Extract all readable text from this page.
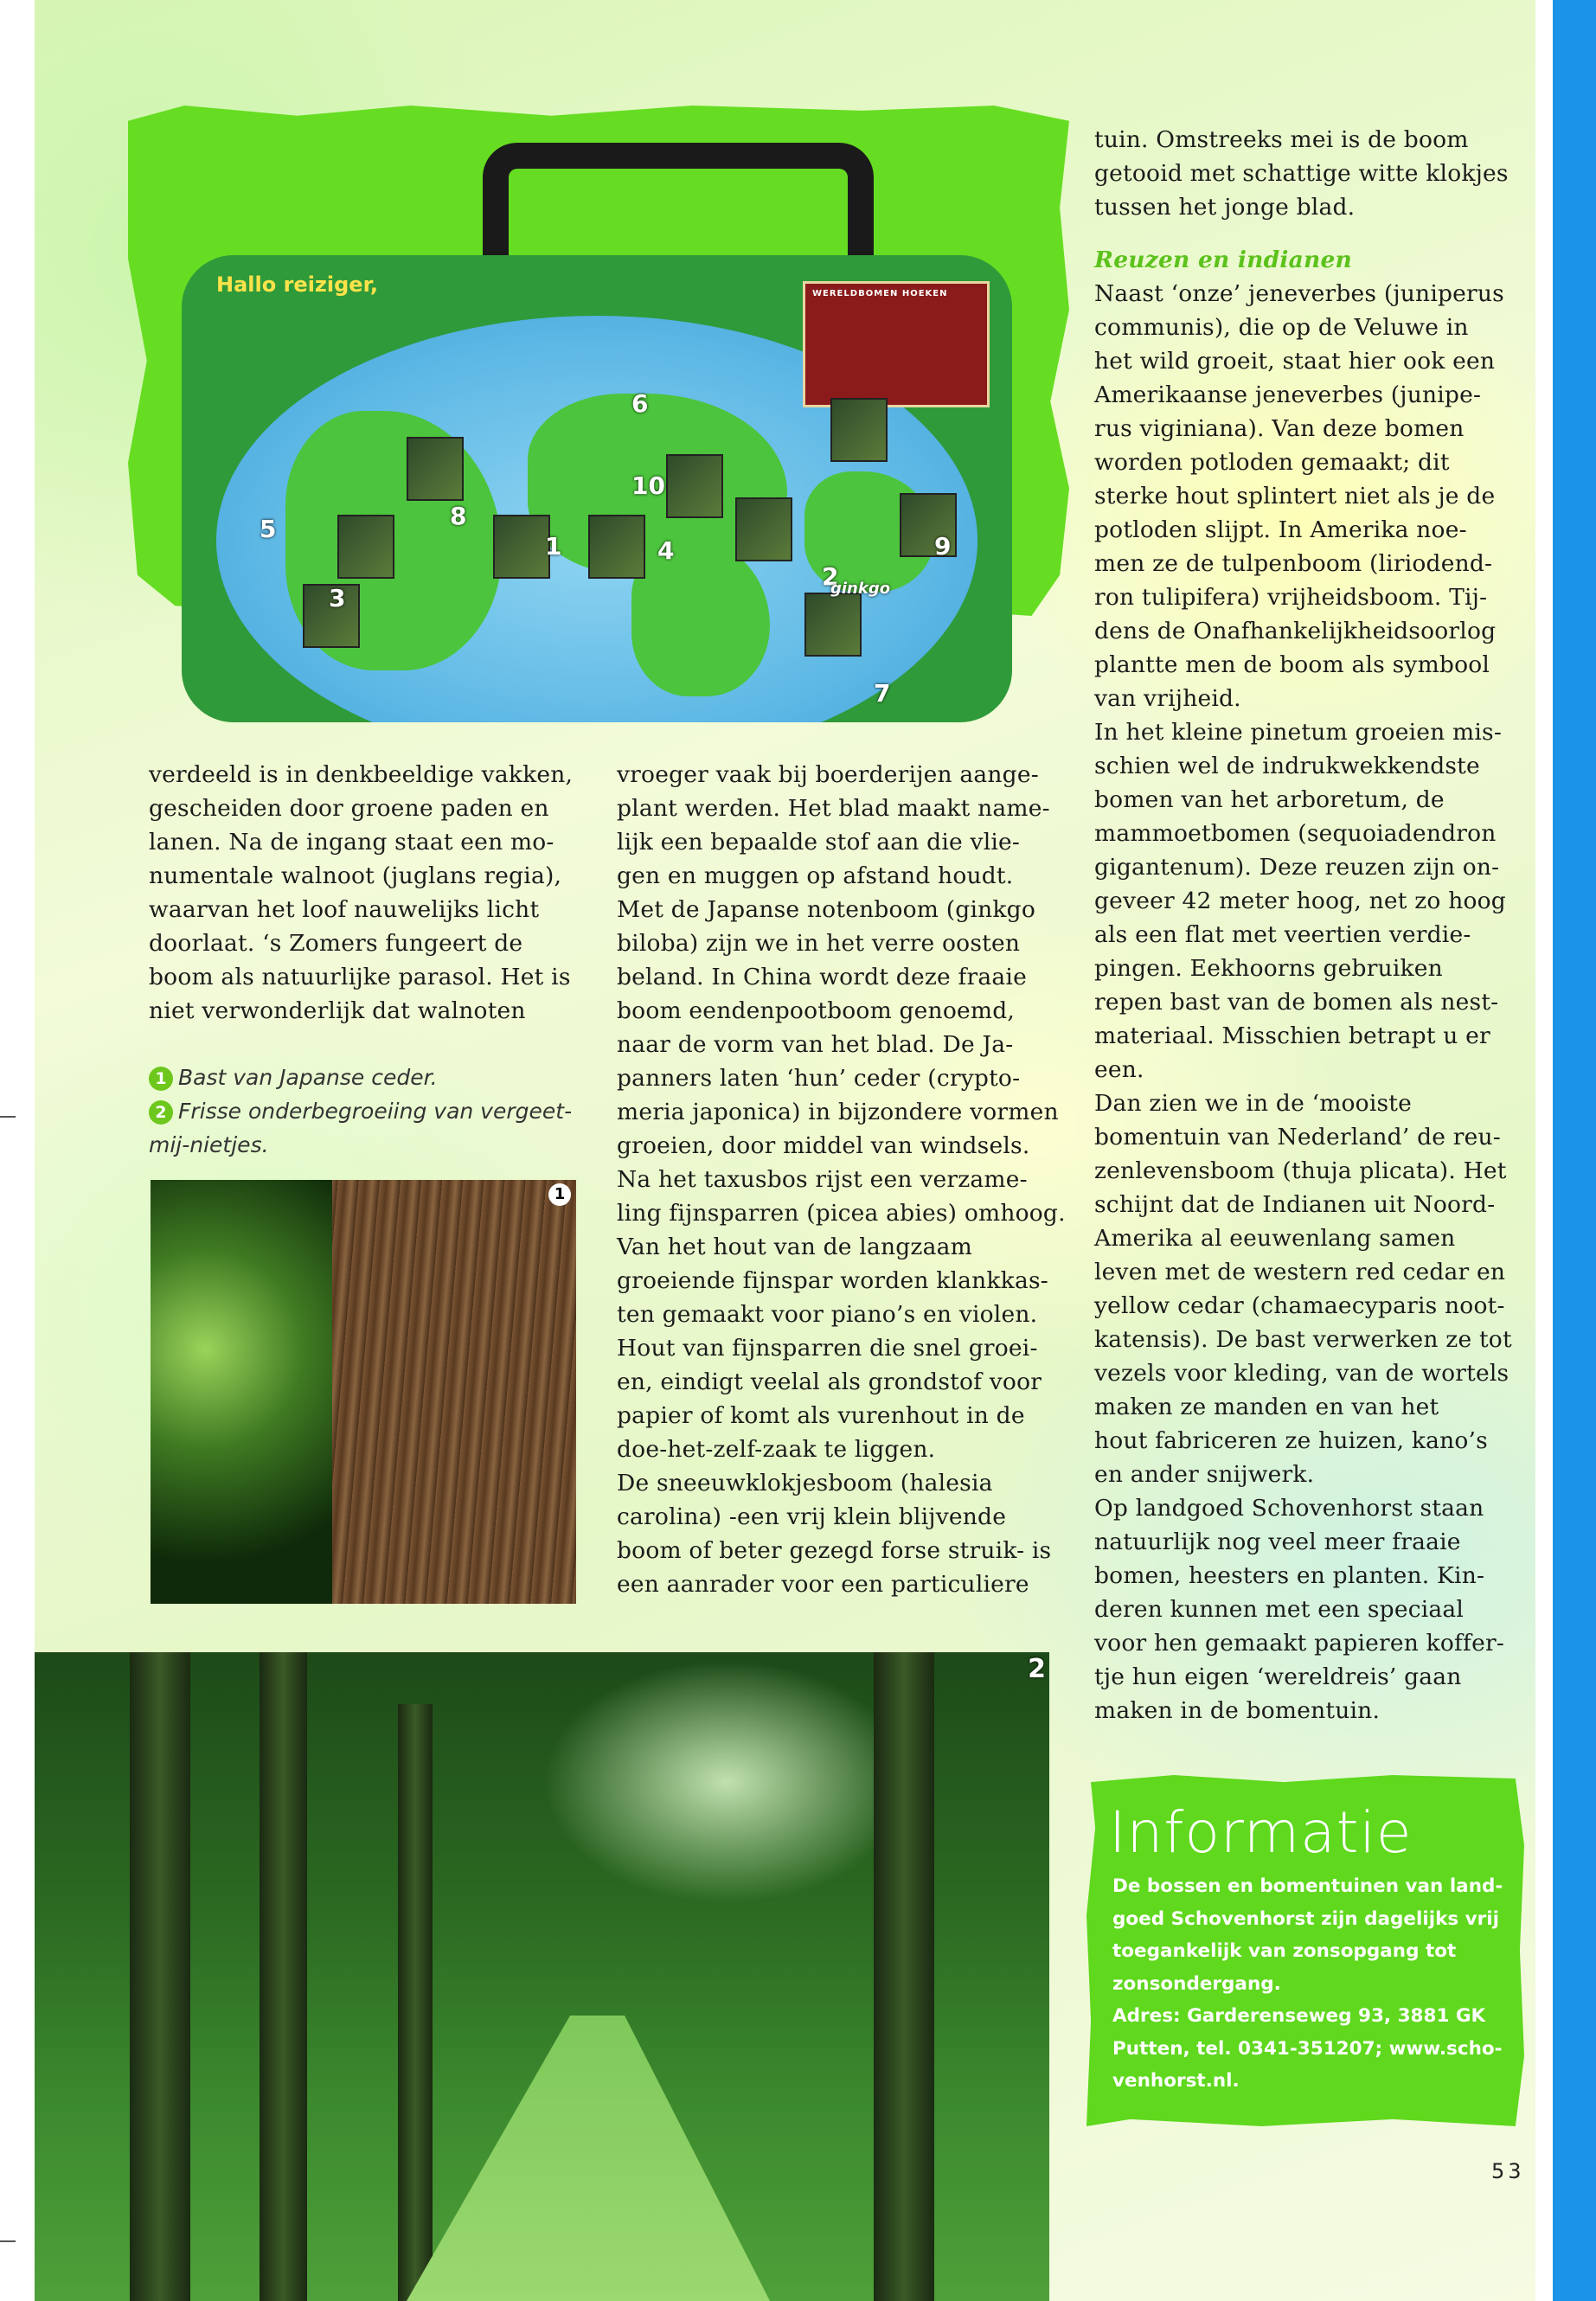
Hallo reiziger,	WERELDBOMEN HOEKEN
5
3
8
1
10
4
6
2
9
7
ginkgo

verdeeld is in denkbeeldige vakken,

gescheiden door groene paden en

lanen. Na de ingang staat een mo-

numentale walnoot (juglans regia),

waarvan het loof nauwelijks licht

doorlaat. ‘s Zomers fungeert de

boom als natuurlijke parasol. Het is

niet verwonderlijk dat walnoten

1 Bast van Japanse ceder.
2 Frisse onderbegroeiing van vergeet-
mij-nietjes.
1

vroeger vaak bij boerderijen aange-

plant werden. Het blad maakt name-

lijk een bepaalde stof aan die vlie-

gen en muggen op afstand houdt.

Met de Japanse notenboom (ginkgo

biloba) zijn we in het verre oosten

beland. In China wordt deze fraaie

boom eendenpootboom genoemd,

naar de vorm van het blad. De Ja-

panners laten ‘hun’ ceder (crypto-

meria japonica) in bijzondere vormen

groeien, door middel van windsels.

Na het taxusbos rijst een verzame-

ling fijnsparren (picea abies) omhoog.

Van het hout van de langzaam

groeiende fijnspar worden klankkas-

ten gemaakt voor piano’s en violen.

Hout van fijnsparren die snel groei-

en, eindigt veelal als grondstof voor

papier of komt als vurenhout in de

doe-het-zelf-zaak te liggen.

De sneeuwklokjesboom (halesia

carolina) -een vrij klein blijvende

boom of beter gezegd forse struik- is

een aanrader voor een particuliere

tuin. Omstreeks mei is de boom

getooid met schattige witte klokjes

tussen het jonge blad.

Reuzen en indianen

Naast ‘onze’ jeneverbes (juniperus

communis), die op de Veluwe in

het wild groeit, staat hier ook een

Amerikaanse jeneverbes (junipe-

rus viginiana). Van deze bomen

worden potloden gemaakt; dit

sterke hout splintert niet als je de

potloden slijpt. In Amerika noe-

men ze de tulpenboom (liriodend-

ron tulipifera) vrijheidsboom. Tij-

dens de Onafhankelijkheidsoorlog

plantte men de boom als symbool

van vrijheid.

In het kleine pinetum groeien mis-

schien wel de indrukwekkendste

bomen van het arboretum, de

mammoetbomen (sequoiadendron

gigantenum). Deze reuzen zijn on-

geveer 42 meter hoog, net zo hoog

als een flat met veertien verdie-

pingen. Eekhoorns gebruiken

repen bast van de bomen als nest-

materiaal. Misschien betrapt u er

een.

Dan zien we in de ‘mooiste

bomentuin van Nederland’ de reu-

zenlevensboom (thuja plicata). Het

schijnt dat de Indianen uit Noord-

Amerika al eeuwenlang samen

leven met de western red cedar en

yellow cedar (chamaecyparis noot-

katensis). De bast verwerken ze tot

vezels voor kleding, van de wortels

maken ze manden en van het

hout fabriceren ze huizen, kano’s

en ander snijwerk.

Op landgoed Schovenhorst staan

natuurlijk nog veel meer fraaie

bomen, heesters en planten. Kin-

deren kunnen met een speciaal

voor hen gemaakt papieren koffer-

tje hun eigen ‘wereldreis’ gaan

maken in de bomentuin.

2
Informatie
De bossen en bomentuinen van land-
goed Schovenhorst zijn dagelijks vrij
toegankelijk van zonsopgang tot
zonsondergang.
Adres: Garderenseweg 93, 3881 GK
Putten, tel. 0341-351207; www.scho-
venhorst.nl.
53
